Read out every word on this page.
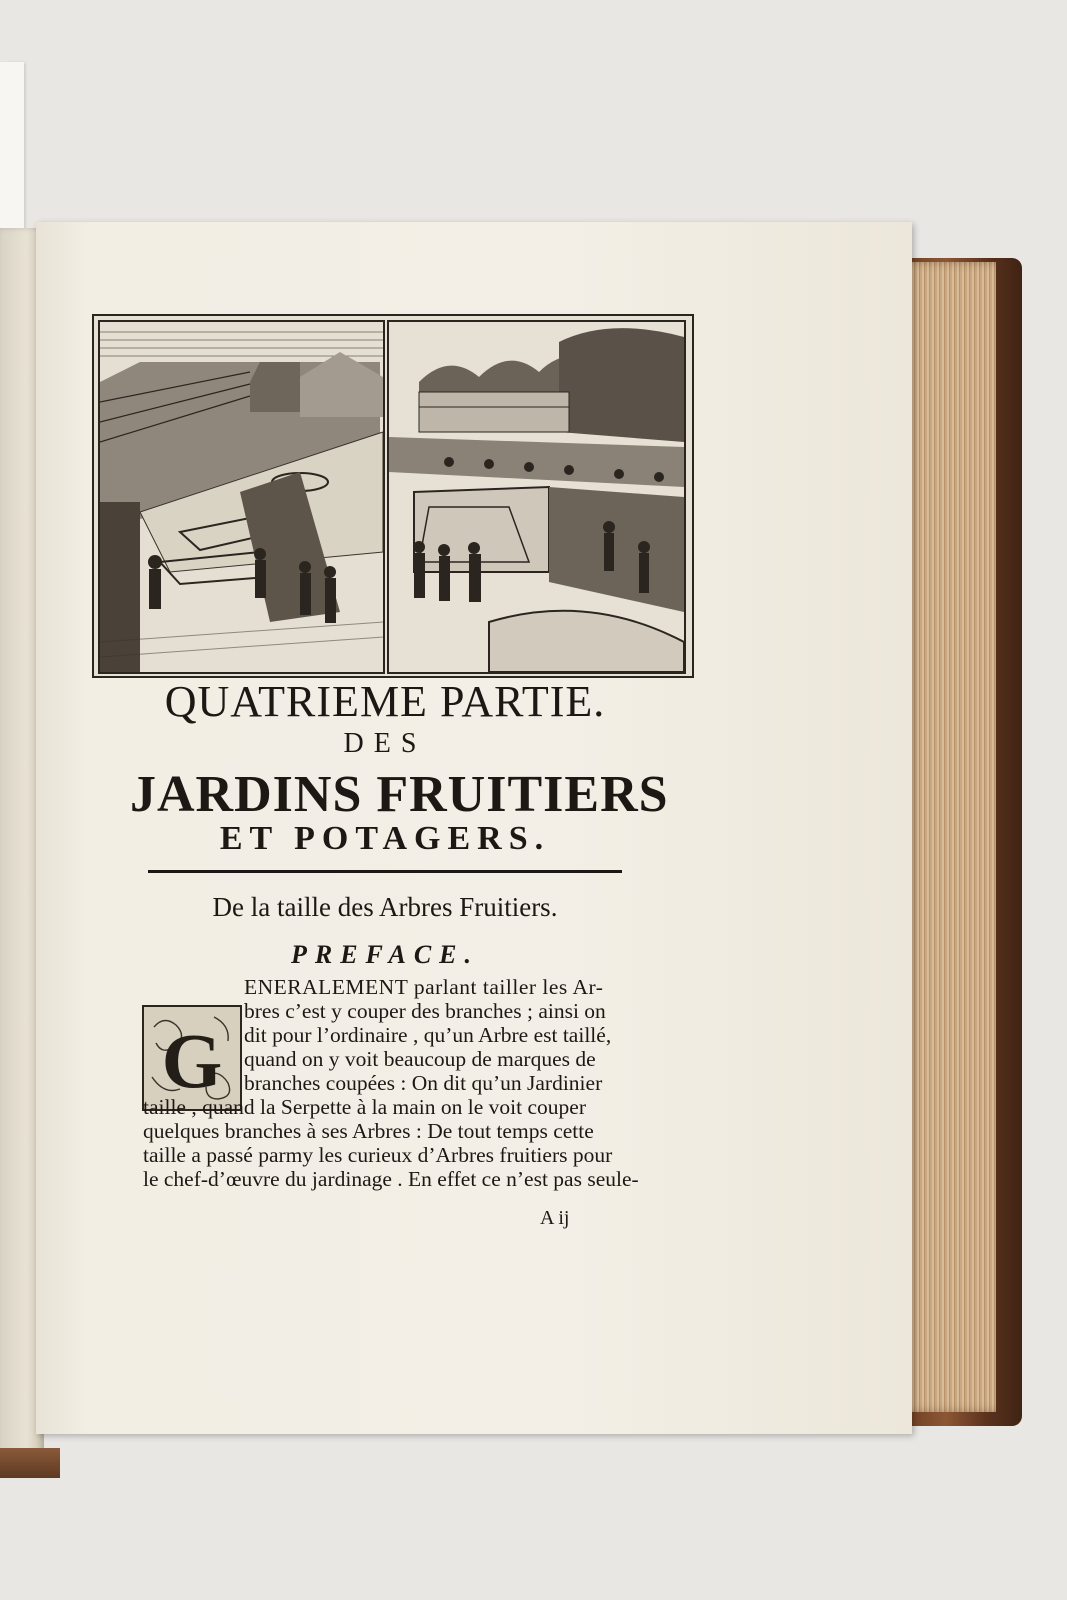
QUATRIEME PARTIE.
DES
JARDINS FRUITIERS
ET POTAGERS.
De la taille des Arbres Fruitiers.
PREFACE.
G
ENERALEMENT parlant tailler les Ar-
bres c’est y couper des branches ; ainsi on
dit pour l’ordinaire , qu’un Arbre est taillé,
quand on y voit beaucoup de marques de
branches coupées : On dit qu’un Jardinier
taille , quand la Serpette à la main on le voit couper
quelques branches à ses Arbres : De tout temps cette
taille a passé parmy les curieux d’Arbres fruitiers pour
le chef-d’œuvre du jardinage . En effet ce n’est pas seule-
A ij
